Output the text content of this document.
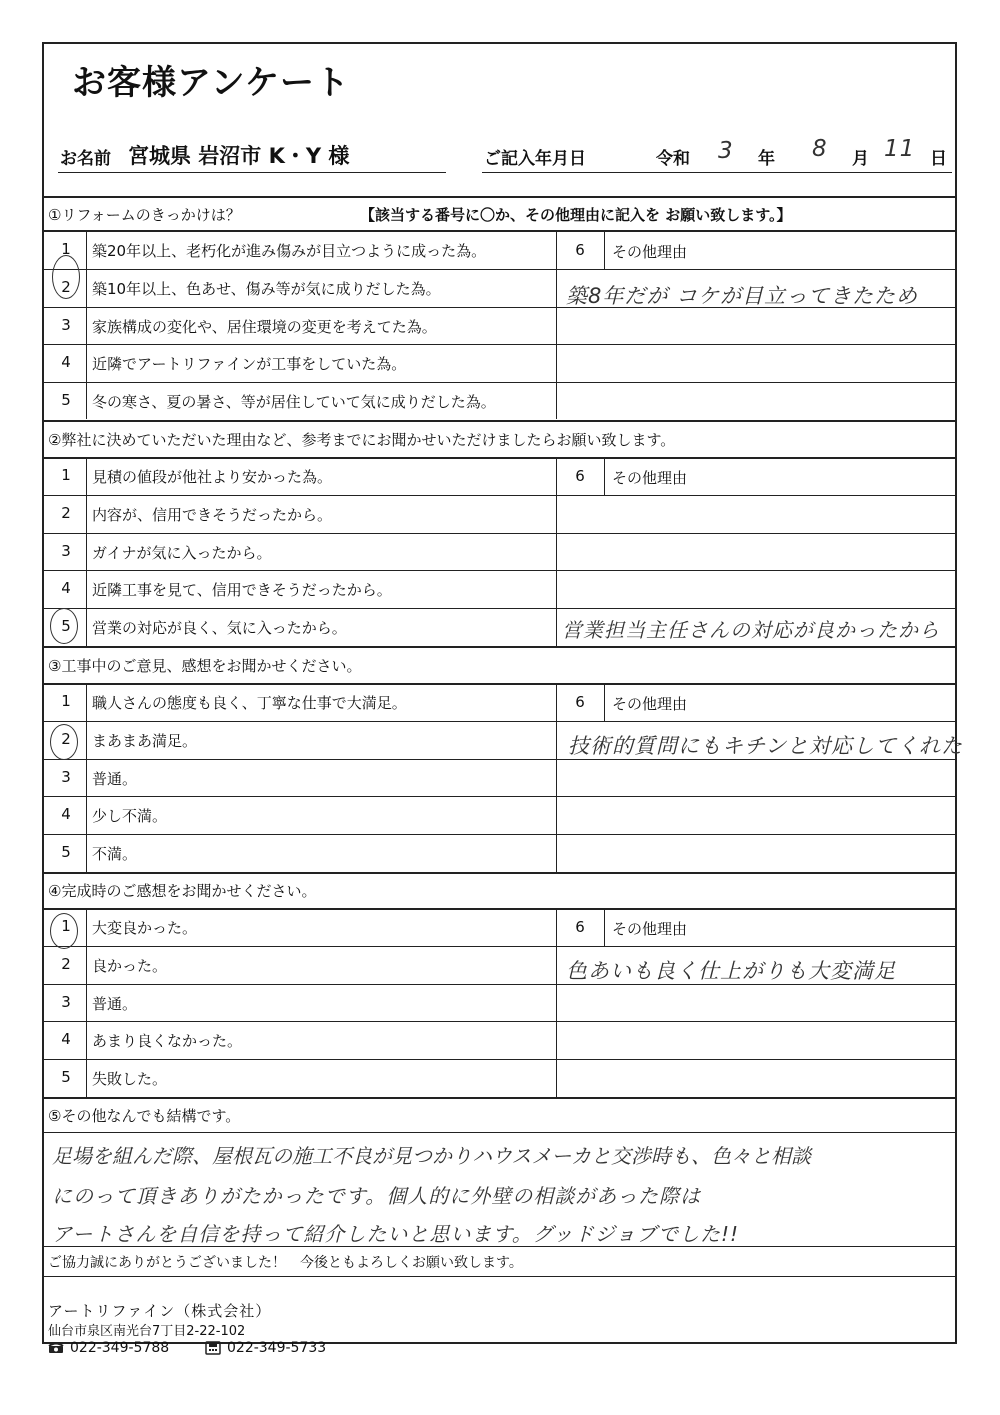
お客様アンケート
お名前 宮城県 岩沼市 K・Y 様	ご記入年月日	令和 3 年 8 月 11 日
①リフォームのきっかけは？	【該当する番号に〇か、その他理由に記入を お願い致します。】
1	築20年以上、老朽化が進み傷みが目立つように成った為。
2	築10年以上、色あせ、傷み等が気に成りだした為。
3	家族構成の変化や、居住環境の変更を考えてた為。
4	近隣でアートリファインが工事をしていた為。
5	冬の寒さ、夏の暑さ、等が居住していて気に成りだした為。
6	その他理由
築8年だが コケが目立ってきたため
②弊社に決めていただいた理由など、参考までにお聞かせいただけましたらお願い致します。
1	見積の値段が他社より安かった為。
2	内容が、信用できそうだったから。
3	ガイナが気に入ったから。
4	近隣工事を見て、信用できそうだったから。
5	営業の対応が良く、気に入ったから。
6	その他理由
営業担当主任さんの対応が良かったから
③工事中のご意見、感想をお聞かせください。
1	職人さんの態度も良く、丁寧な仕事で大満足。
2	まあまあ満足。
3	普通。
4	少し不満。
5	不満。
6	その他理由
技術的質問にもキチンと対応してくれた
④完成時のご感想をお聞かせください。
1	大変良かった。
2	良かった。
3	普通。
4	あまり良くなかった。
5	失敗した。
6	その他理由
色あいも良く仕上がりも大変満足
⑤その他なんでも結構です。
足場を組んだ際、屋根瓦の施工不良が見つかりハウスメーカと交渉時も、色々と相談
にのって頂きありがたかったです。個人的に外壁の相談があった際は
アートさんを自信を持って紹介したいと思います。グッドジョブでした!!
ご協力誠にありがとうございました！　今後ともよろしくお願い致します。
アートリファイン（株式会社）
仙台市泉区南光台7丁目2-22-102
022-349-5788	022-349-5733
